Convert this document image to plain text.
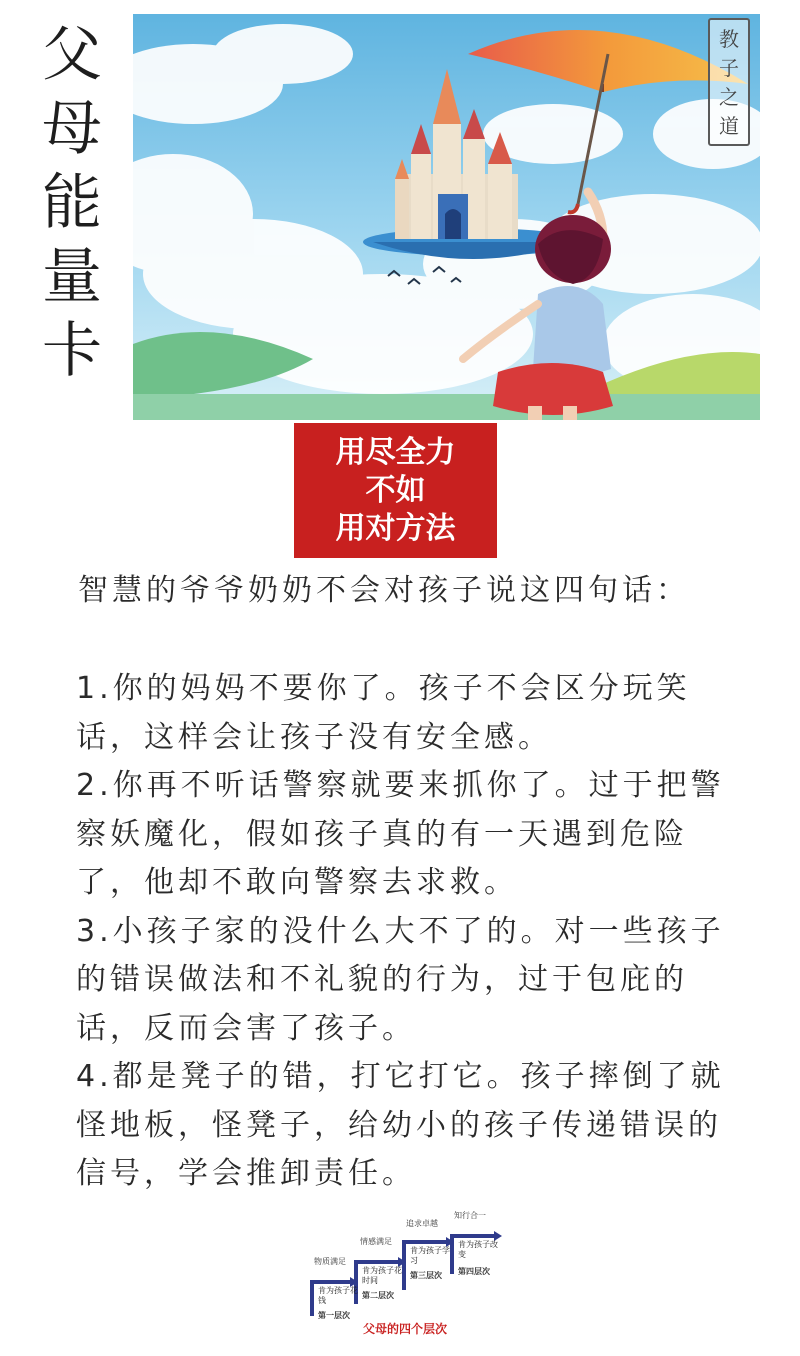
父
母
能
量
卡
教
子
之
道
用尽全力
不如
用对方法
智慧的爷爷奶奶不会对孩子说这四句话：

1.你的妈妈不要你了。孩子不会区分玩笑话，这样会让孩子没有安全感。

2.你再不听话警察就要来抓你了。过于把警察妖魔化，假如孩子真的有一天遇到危险了，他却不敢向警察去求救。

3.小孩子家的没什么大不了的。对一些孩子的错误做法和不礼貌的行为，过于包庇的话，反而会害了孩子。

4.都是凳子的错，打它打它。孩子摔倒了就怪地板，怪凳子，给幼小的孩子传递错误的信号，学会推卸责任。

物质满足
情感满足
追求卓越
知行合一
肯为孩子花钱
肯为孩子花时间
肯为孩子学习
肯为孩子改变
第一层次
第二层次
第三层次 第四层次
父母的四个层次
